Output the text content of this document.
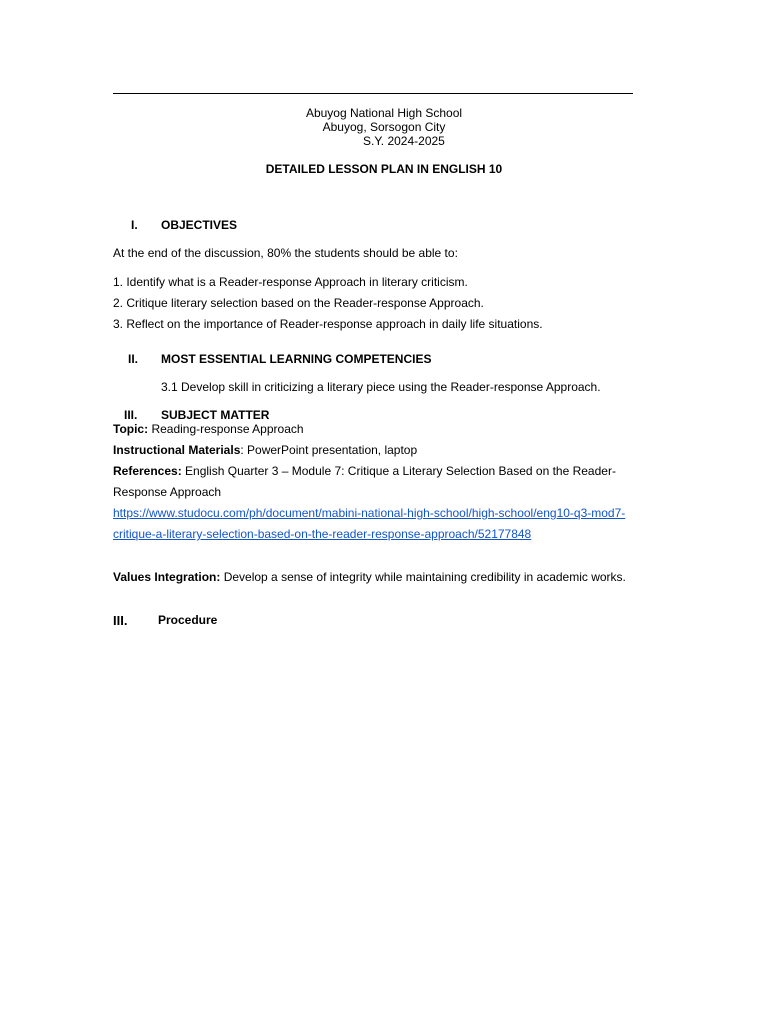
Abuyog National High School
Abuyog, Sorsogon City
S.Y. 2024-2025
DETAILED LESSON PLAN IN ENGLISH 10
I. OBJECTIVES
At the end of the discussion, 80% the students should be able to:
1. Identify what is a Reader-response Approach in literary criticism.
2. Critique literary selection based on the Reader-response Approach.
3. Reflect on the importance of Reader-response approach in daily life situations.
II. MOST ESSENTIAL LEARNING COMPETENCIES
3.1 Develop skill in criticizing a literary piece using the Reader-response Approach.
III. SUBJECT MATTER
Topic: Reading-response Approach
Instructional Materials: PowerPoint presentation, laptop
References: English Quarter 3 – Module 7: Critique a Literary Selection Based on the Reader-
Response Approach
https://www.studocu.com/ph/document/mabini-national-high-school/high-school/eng10-q3-mod7-
critique-a-literary-selection-based-on-the-reader-response-approach/52177848
Values Integration: Develop a sense of integrity while maintaining credibility in academic works.
III.	Procedure
